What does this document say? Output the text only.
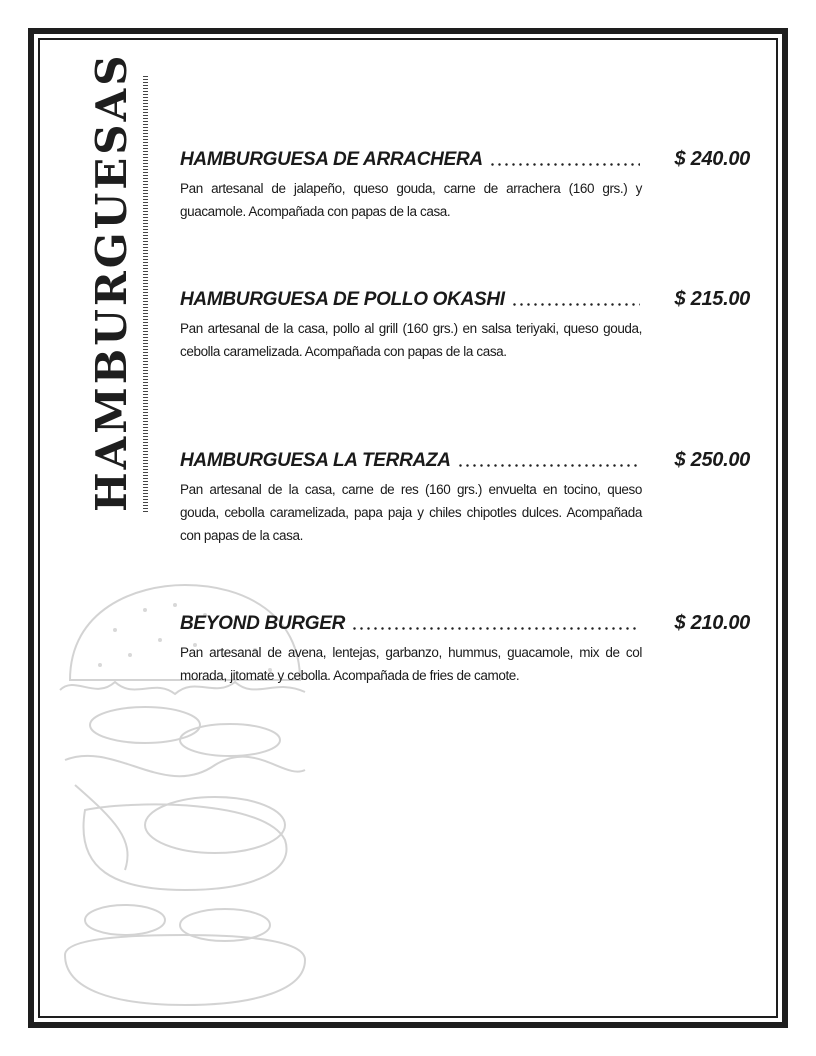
HAMBURGUESAS	HAMBURGUESA DE ARRACHERA	$ 240.00
Pan artesanal de jalapeño, queso gouda, carne de arrachera (160 grs.) y guacamole. Acompañada con papas de la casa.
HAMBURGUESA DE POLLO OKASHI	$ 215.00
Pan artesanal de la casa, pollo al grill (160 grs.) en salsa teriyaki, queso gouda, cebolla caramelizada. Acompañada con papas de la casa.
HAMBURGUESA LA TERRAZA	$ 250.00
Pan artesanal de la casa, carne de res (160 grs.) envuelta en tocino, queso gouda, cebolla caramelizada, papa paja y chiles chipotles dulces. Acompañada con papas de la casa.
BEYOND BURGER	$ 210.00
Pan artesanal de avena, lentejas, garbanzo, hummus, guacamole, mix de col morada, jitomate y cebolla. Acompañada de fries de camote.
